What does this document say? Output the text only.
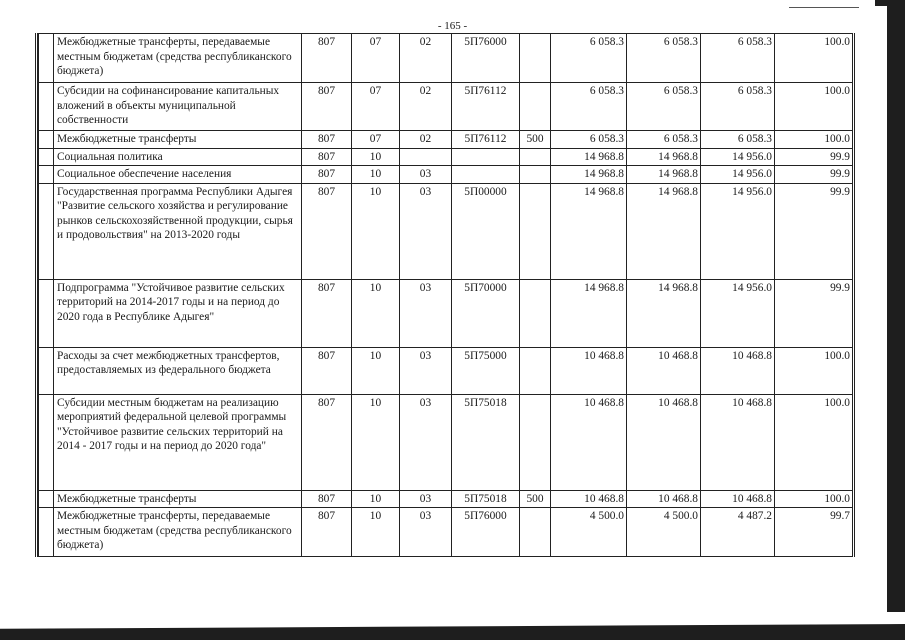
- 165 -
	Межбюджетные трансферты, передаваемые местным бюджетам (средства республиканского бюджета)	807	07	02	5П76000		6 058.3	6 058.3	6 058.3	100.0
	Субсидии на софинансирование капитальных вложений в объекты муниципальной собственности	807	07	02	5П76112		6 058.3	6 058.3	6 058.3	100.0
	Межбюджетные трансферты	807	07	02	5П76112	500	6 058.3	6 058.3	6 058.3	100.0
	Социальная политика	807	10				14 968.8	14 968.8	14 956.0	99.9
	Социальное обеспечение населения	807	10	03			14 968.8	14 968.8	14 956.0	99.9
	Государственная программа Республики Адыгея "Развитие сельского хозяйства и регулирование рынков сельскохозяйственной продукции, сырья и продовольствия" на 2013-2020 годы	807	10	03	5П00000		14 968.8	14 968.8	14 956.0	99.9
	Подпрограмма "Устойчивое развитие сельских территорий на 2014-2017 годы и на период до 2020 года в Республике Адыгея"	807	10	03	5П70000		14 968.8	14 968.8	14 956.0	99.9
	Расходы за счет межбюджетных трансфертов, предоставляемых из федерального бюджета	807	10	03	5П75000		10 468.8	10 468.8	10 468.8	100.0
	Субсидии местным бюджетам на реализацию мероприятий федеральной целевой программы "Устойчивое развитие сельских территорий на 2014 - 2017 годы и на период до 2020 года"	807	10	03	5П75018		10 468.8	10 468.8	10 468.8	100.0
	Межбюджетные трансферты	807	10	03	5П75018	500	10 468.8	10 468.8	10 468.8	100.0
	Межбюджетные трансферты, передаваемые местным бюджетам (средства республиканского бюджета)	807	10	03	5П76000		4 500.0	4 500.0	4 487.2	99.7
